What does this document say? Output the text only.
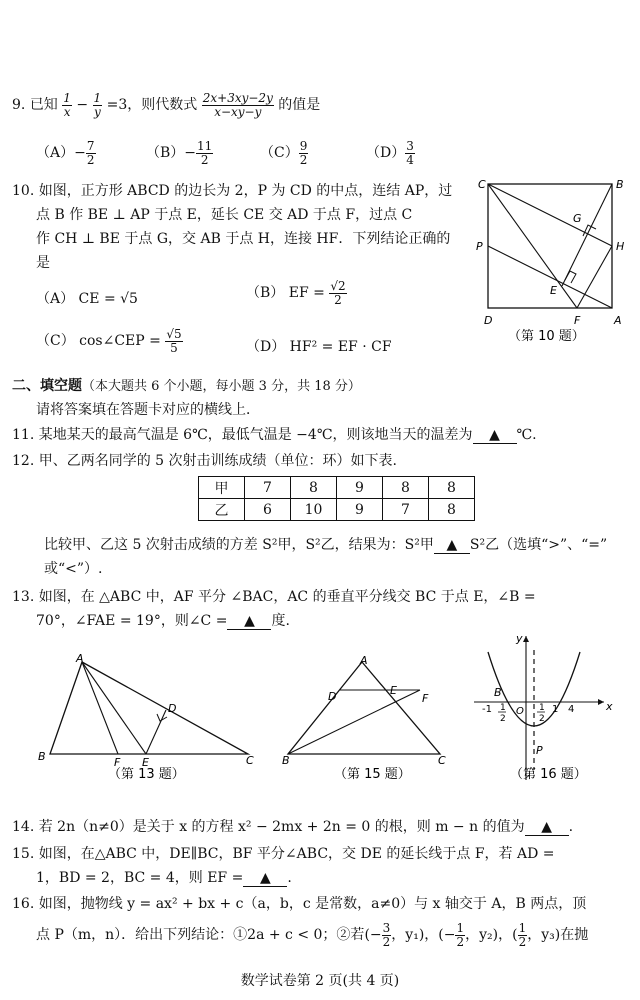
9. 已知 $\frac{1}{x} - \frac{1}{y} =3$，则代数式 $\frac{2x+3xy-2y}{x-xy-y}$ 的值是
$(A)- \frac{7}{2}$	$(B)- \frac{11}{2}$	$(C) \frac{9}{2}$	$(D) \frac{3}{4}$
10. 如图，正方形 ABCD 的边长为 2，P 为 CD 的中点，连结 AP，过
点 B 作 BE ⊥ AP 于点 E，延长 CE 交 AD 于点 F，过点 C
作 CH ⊥ BE 于点 G，交 AB 于点 H，连接 HF．下列结论正确的
是
（A） CE = √5	（B） EF = $\frac{√2}{2}$
（C） cos∠CEP = $\frac{√5}{5}$	（D） HF² = EF · CF
C	B
P	H
G
E
D	F	A
（第 10 题）
二、填空题（本大题共 6 个小题，每小题 3 分，共 18 分）
请将答案填在答题卡对应的横线上．
11. 某地某天的最高气温是 6℃，最低气温是 −4℃，则该地当天的温差为 ▲ ℃.
12. 甲、乙两名同学的 5 次射击训练成绩（单位：环）如下表.
甲	7	8	9	8	8
乙	6	10	9	7	8
比较甲、乙这 5 次射击成绩的方差 S²甲，S²乙，结果为：S²甲 ▲ S²乙（选填“>”、“=”
或“<”）.
13. 如图，在 △ABC 中，AF 平分 ∠BAC，AC 的垂直平分线交 BC 于点 E，∠B =
70°，∠FAE = 19°，则∠C = ▲ 度.
A
B	C
D
E
F
（第 13 题）
A
B	C
D	E
F
（第 15 题）
y
x
B
P
-1 1
2
O 1
2
1 4
（第 16 题）
14. 若 2n（n≠0）是关于 x 的方程 x² − 2mx + 2n = 0 的根，则 m − n 的值为 ▲ .
15. 如图，在△ABC 中，DE∥BC，BF 平分∠ABC，交 DE 的延长线于点 F，若 AD =
1，BD = 2，BC = 4，则 EF = ▲ .
16. 如图，抛物线 y = ax² + bx + c（a，b，c 是常数，a≠0）与 x 轴交于 A，B 两点，顶
点 P（m，n）．给出下列结论：①2a + c < 0；②若(− $\frac{3}{2}$ ，y₁)，(− $\frac{1}{2}$ ，y₂)，( $\frac{1}{2}$ ，y₃)在抛
数学试卷第 2 页(共 4 页)
